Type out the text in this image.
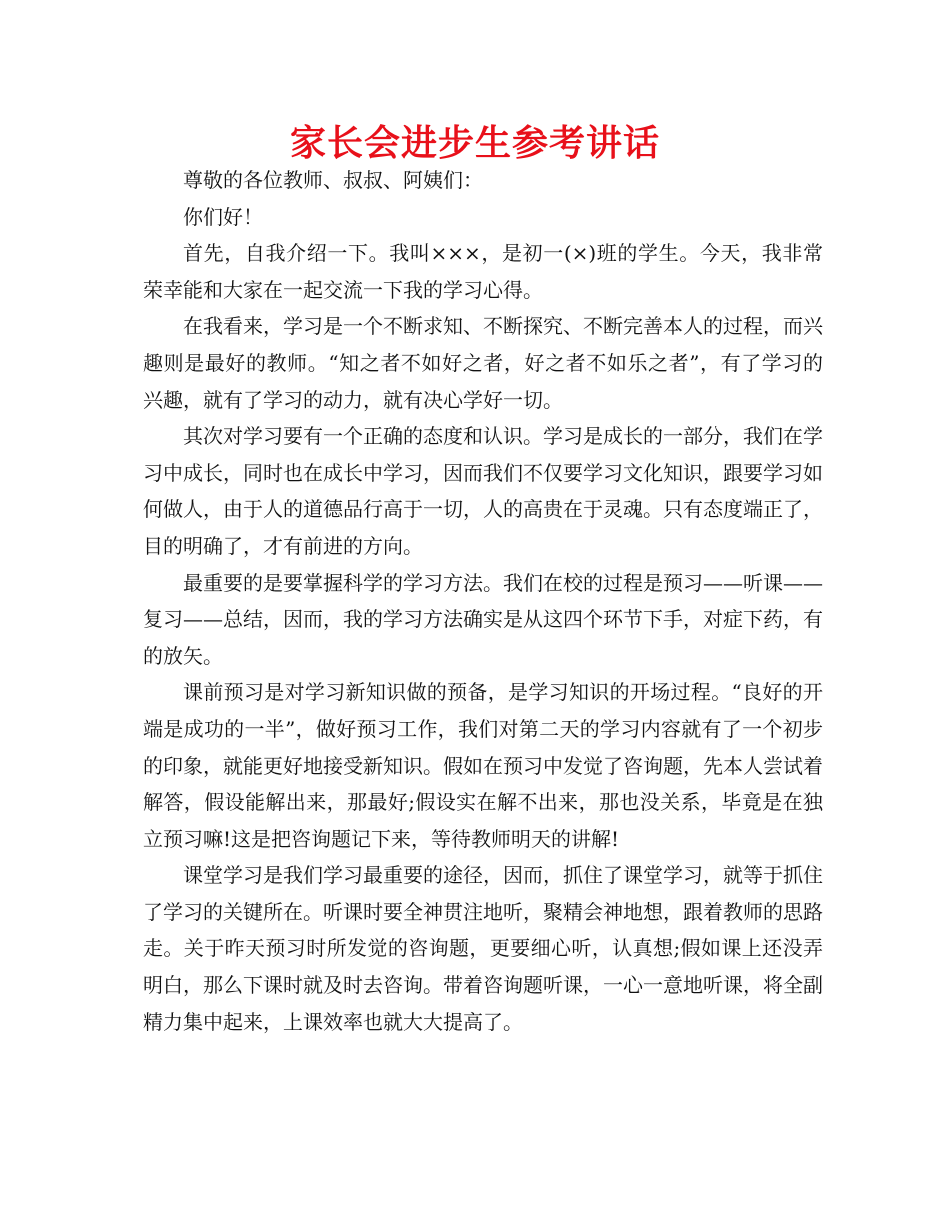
家长会进步生参考讲话

尊敬的各位教师、叔叔、阿姨们：

你们好！

首先，自我介绍一下。我叫×××，是初一(×)班的学生。今天，我非常荣幸能和大家在一起交流一下我的学习心得。

在我看来，学习是一个不断求知、不断探究、不断完善本人的过程，而兴趣则是最好的教师。“知之者不如好之者，好之者不如乐之者”，有了学习的兴趣，就有了学习的动力，就有决心学好一切。

其次对学习要有一个正确的态度和认识。学习是成长的一部分，我们在学习中成长，同时也在成长中学习，因而我们不仅要学习文化知识，跟要学习如何做人，由于人的道德品行高于一切，人的高贵在于灵魂。只有态度端正了，目的明确了，才有前进的方向。

最重要的是要掌握科学的学习方法。我们在校的过程是预习——听课——复习——总结，因而，我的学习方法确实是从这四个环节下手，对症下药，有的放矢。

课前预习是对学习新知识做的预备，是学习知识的开场过程。“良好的开端是成功的一半”，做好预习工作，我们对第二天的学习内容就有了一个初步的印象，就能更好地接受新知识。假如在预习中发觉了咨询题，先本人尝试着解答，假设能解出来，那最好;假设实在解不出来，那也没关系，毕竟是在独立预习嘛!这是把咨询题记下来，等待教师明天的讲解!

课堂学习是我们学习最重要的途径，因而，抓住了课堂学习，就等于抓住了学习的关键所在。听课时要全神贯注地听，聚精会神地想，跟着教师的思路走。关于昨天预习时所发觉的咨询题，更要细心听，认真想;假如课上还没弄明白，那么下课时就及时去咨询。带着咨询题听课，一心一意地听课，将全副精力集中起来，上课效率也就大大提高了。
